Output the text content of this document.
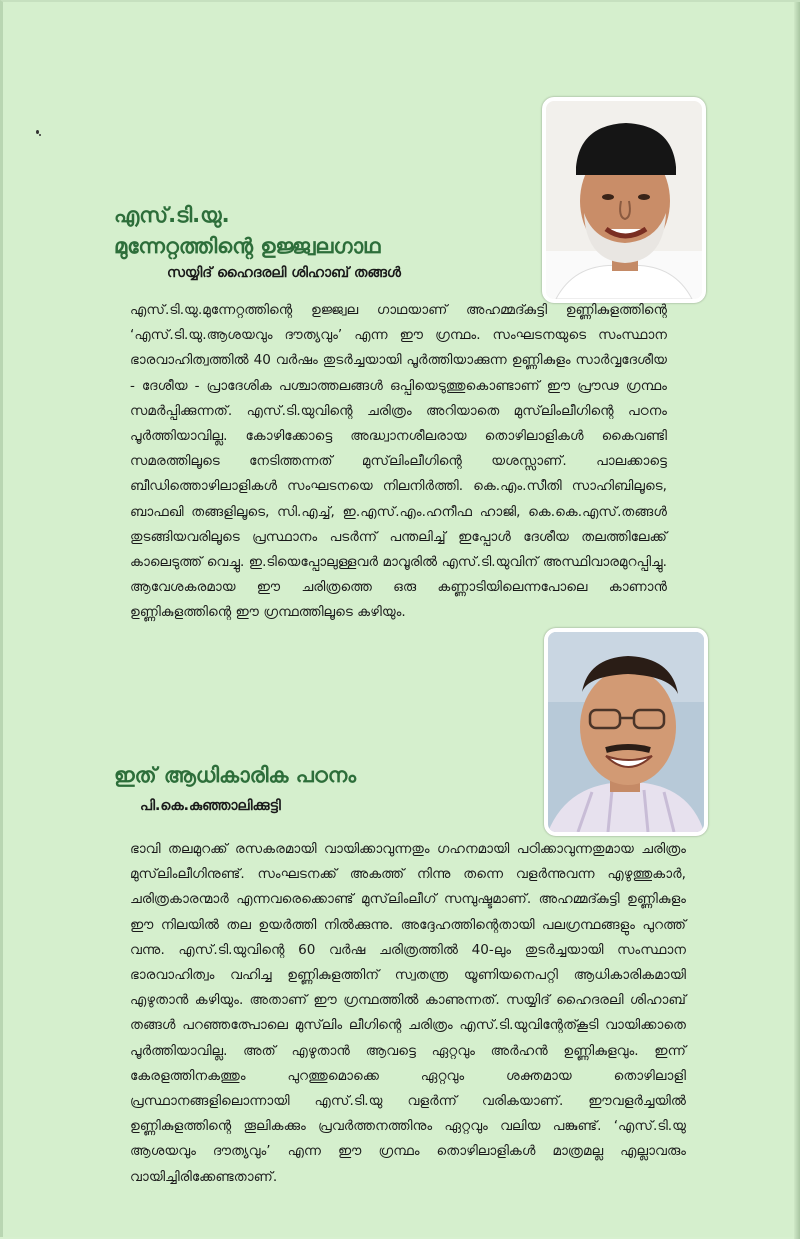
എസ്.ടി.യു.
മുന്നേറ്റത്തിന്റെ ഉജ്ജ്വലഗാഥ

സയ്യിദ് ഹൈദരലി ശിഹാബ് തങ്ങൾ

എസ്.ടി.യു.മുന്നേറ്റത്തിന്റെ ഉജ്ജ്വല ഗാഥയാണ് അഹമ്മദ്കുട്ടി ഉണ്ണികുളത്തിന്റെ ‘എസ്.ടി.യു.ആശയവും ദൗത്യവും’ എന്ന ഈ ഗ്രന്ഥം. സംഘടനയുടെ സംസ്ഥാന ഭാരവാഹിത്വത്തിൽ 40 വർഷം തുടർച്ചയായി പൂർത്തിയാക്കുന്ന ഉണ്ണികുളം സാർവ്വദേശീയ - ദേശീയ - പ്രാദേശിക പശ്ചാത്തലങ്ങൾ ഒപ്പിയെടുത്തുകൊണ്ടാണ് ഈ പ്രൗഢ ഗ്രന്ഥം സമർപ്പിക്കുന്നത്. എസ്.ടി.യുവിന്റെ ചരിത്രം അറിയാതെ മുസ്‌ലിംലീഗിന്റെ പഠനം പൂർത്തിയാവില്ല. കോഴിക്കോട്ടെ അദ്ധ്വാനശീലരായ തൊഴിലാളികൾ കൈവണ്ടി സമരത്തിലൂടെ നേടിത്തന്നത് മുസ്‌ലിംലീഗിന്റെ യശസ്സാണ്. പാലക്കാട്ടെ ബീഡിത്തൊഴിലാളികൾ സംഘടനയെ നിലനിർത്തി. കെ.എം.സീതി സാഹിബിലൂടെ, ബാഫഖി തങ്ങളിലൂടെ, സി.എച്ച്, ഇ.എസ്.എം.ഹനീഫ ഹാജി, കെ.കെ.എസ്.തങ്ങൾ തുടങ്ങിയവരിലൂടെ പ്രസ്ഥാനം പടർന്ന് പന്തലിച്ച് ഇപ്പോൾ ദേശീയ തലത്തിലേക്ക് കാലെടുത്ത് വെച്ചു. ഇ.ടിയെപ്പോലുള്ളവർ മാവൂരിൽ എസ്.ടി.യുവിന് അസ്ഥിവാരമുറപ്പിച്ചു. ആവേശകരമായ ഈ ചരിത്രത്തെ ഒരു കണ്ണാടിയിലെന്നപോലെ കാണാൻ ഉണ്ണികുളത്തിന്റെ ഈ ഗ്രന്ഥത്തിലൂടെ കഴിയും.

ഇത് ആധികാരിക പഠനം

പി.കെ.കുഞ്ഞാലിക്കുട്ടി

ഭാവി തലമുറക്ക് രസകരമായി വായിക്കാവുന്നതും ഗഹനമായി പഠിക്കാവുന്നതുമായ ചരിത്രം മുസ്‌ലിംലീഗിനുണ്ട്. സംഘടനക്ക് അകത്ത് നിന്നു തന്നെ വളർന്നുവന്ന എഴുത്തുകാർ, ചരിത്രകാരന്മാർ എന്നവരെക്കൊണ്ട് മുസ്‌ലിംലീഗ് സമ്പുഷ്ടമാണ്. അഹമ്മദ്കുട്ടി ഉണ്ണികുളം ഈ നിലയിൽ തല ഉയർത്തി നിൽക്കുന്നു. അദ്ദേഹത്തിന്റെതായി പലഗ്രന്ഥങ്ങളും പുറത്ത് വന്നു. എസ്.ടി.യുവിന്റെ 60 വർഷ ചരിത്രത്തിൽ 40-ലും തുടർച്ചയായി സംസ്ഥാന ഭാരവാഹിത്വം വഹിച്ച ഉണ്ണികുളത്തിന് സ്വതന്ത്ര യൂണിയനെപറ്റി ആധികാരികമായി എഴുതാൻ കഴിയും. അതാണ് ഈ ഗ്രന്ഥത്തിൽ കാണുന്നത്. സയ്യിദ് ഹൈദരലി ശിഹാബ് തങ്ങൾ പറഞ്ഞത്പോലെ മുസ്‌ലിം ലീഗിന്റെ ചരിത്രം എസ്.ടി.യുവിന്റേത്കൂടി വായിക്കാതെ പൂർത്തിയാവില്ല. അത് എഴുതാൻ ആവട്ടെ ഏറ്റവും അർഹൻ ഉണ്ണികുളവും. ഇന്ന് കേരളത്തിനകത്തും പുറത്തുമൊക്കെ ഏറ്റവും ശക്തമായ തൊഴിലാളി പ്രസ്ഥാനങ്ങളിലൊന്നായി എസ്.ടി.യു വളർന്ന് വരികയാണ്. ഈവളർച്ചയിൽ ഉണ്ണികുളത്തിന്റെ തൂലികക്കും പ്രവർത്തനത്തിനും ഏറ്റവും വലിയ പങ്കുണ്ട്. ‘എസ്.ടി.യു ആശയവും ദൗത്യവും’ എന്ന ഈ ഗ്രന്ഥം തൊഴിലാളികൾ മാത്രമല്ല എല്ലാവരും വായിച്ചിരിക്കേണ്ടതാണ്.
